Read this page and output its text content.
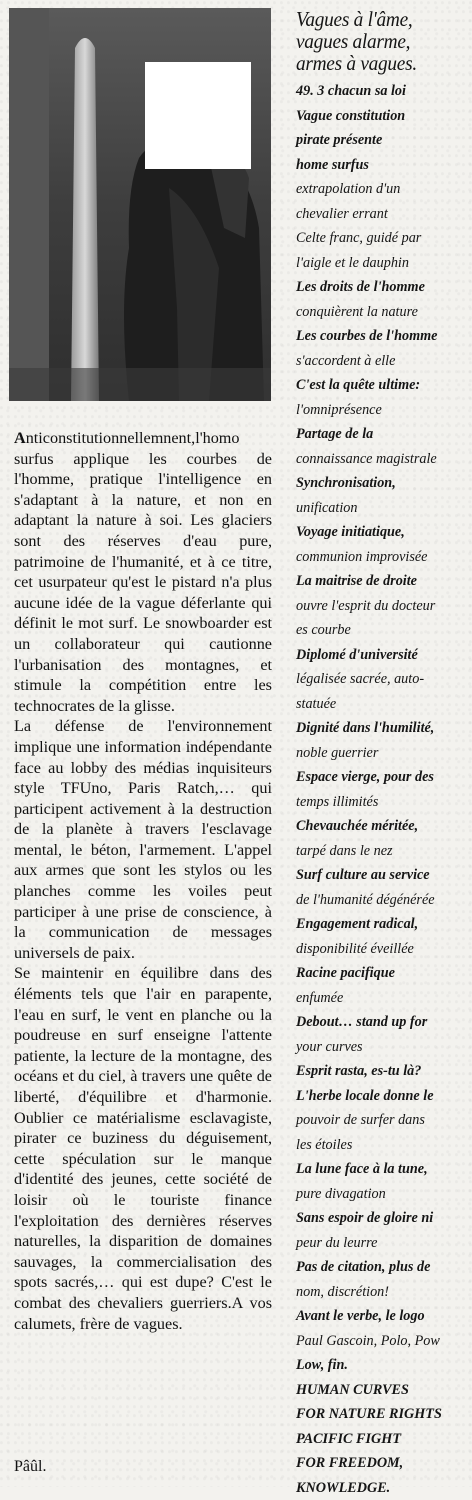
Vagues à l'âme,
vagues alarme,
armes à vagues.
49. 3 chacun sa loi
Vague constitution
pirate présente
home surfus
extrapolation d'un
chevalier errant
Celte franc, guidé par
l'aigle et le dauphin
Les droits de l'homme
conquièrent la nature
Les courbes de l'homme
s'accordent à elle
C'est la quête ultime:
l'omniprésence
Partage de la
connaissance magistrale
Synchronisation,
unification
Voyage initiatique,
communion improvisée
La maitrise de droite
ouvre l'esprit du docteur
es courbe
Diplomé d'université
légalisée sacrée, auto-
statuée
Dignité dans l'humilité,
noble guerrier
Espace vierge, pour des
temps illimités
Chevauchée méritée,
tarpé dans le nez
Surf culture au service
de l'humanité dégénérée
Engagement radical,
disponibilité éveillée
Racine pacifique
enfumée
Debout… stand up for
your curves
Esprit rasta, es-tu là?
L'herbe locale donne le
pouvoir de surfer dans
les étoiles
La lune face à la tune,
pure divagation
Sans espoir de gloire ni
peur du leurre
Pas de citation, plus de
nom, discrétion!
Avant le verbe, le logo
Paul Gascoin, Polo, Pow
Low, fin.
HUMAN CURVES
FOR NATURE RIGHTS
PACIFIC FIGHT
FOR FREEDOM,
KNOWLEDGE.

Anticonstitutionnellemnent,l'homo surfus applique les courbes de l'homme, pratique l'intelligence en s'adaptant à la nature, et non en adaptant la nature à soi. Les glaciers sont des réserves d'eau pure, patrimoine de l'humanité, et à ce titre, cet usurpateur qu'est le pistard n'a plus aucune idée de la vague déferlante qui définit le mot surf. Le snowboarder est un collaborateur qui cautionne l'urbanisation des montagnes, et stimule la compétition entre les technocrates de la glisse.

La défense de l'environnement implique une information indépendante face au lobby des médias inquisiteurs style TFUno, Paris Ratch,… qui participent activement à la destruction de la planète à travers l'esclavage mental, le béton, l'armement. L'appel aux armes que sont les stylos ou les planches comme les voiles peut participer à une prise de conscience, à la communication de messages universels de paix.

Se maintenir en équilibre dans des éléments tels que l'air en parapente, l'eau en surf, le vent en planche ou la poudreuse en surf enseigne l'attente patiente, la lecture de la montagne, des océans et du ciel, à travers une quête de liberté, d'équilibre et d'harmonie. Oublier ce matérialisme esclavagiste, pirater ce buziness du déguisement, cette spéculation sur le manque d'identité des jeunes, cette société de loisir où le touriste finance l'exploitation des dernières réserves naturelles, la disparition de domaines sauvages, la commercialisation des spots sacrés,… qui est dupe? C'est le combat des chevaliers guerriers.A vos calumets, frère de vagues.

Pâûl.
